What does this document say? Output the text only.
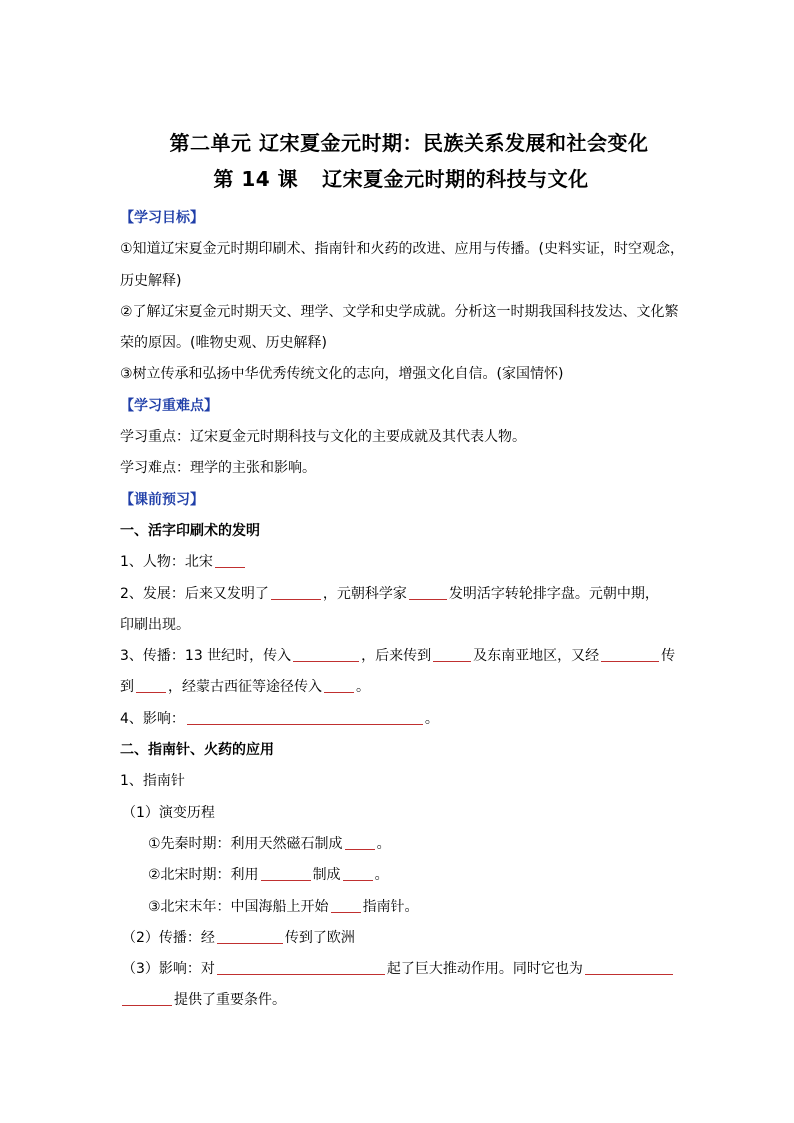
第二单元 辽宋夏金元时期：民族关系发展和社会变化
第 14 课 辽宋夏金元时期的科技与文化
【学习目标】
①知道辽宋夏金元时期印刷术、指南针和火药的改进、应用与传播。(史料实证，时空观念，
历史解释)
②了解辽宋夏金元时期天文、理学、文学和史学成就。分析这一时期我国科技发达、文化繁
荣的原因。(唯物史观、历史解释)
③树立传承和弘扬中华优秀传统文化的志向，增强文化自信。(家国情怀)
【学习重难点】
学习重点：辽宋夏金元时期科技与文化的主要成就及其代表人物。
学习难点：理学的主张和影响。
【课前预习】
一、活字印刷术的发明
1、人物：北宋
2、发展：后来又发明了	，元朝科学家	发明活字转轮排字盘。元朝中期，
印刷出现。
3、传播：13 世纪时，传入	，后来传到	及东南亚地区，又经	传
到 ，经蒙古西征等途径传入 。
4、影响：	。
二、指南针、火药的应用
1、指南针
（1）演变历程
①先秦时期：利用天然磁石制成 。
②北宋时期：利用	制成 。
③北宋末年：中国海船上开始 指南针。
（2）传播：经	传到了欧洲
（3）影响：对	起了巨大推动作用。同时它也为
提供了重要条件。
